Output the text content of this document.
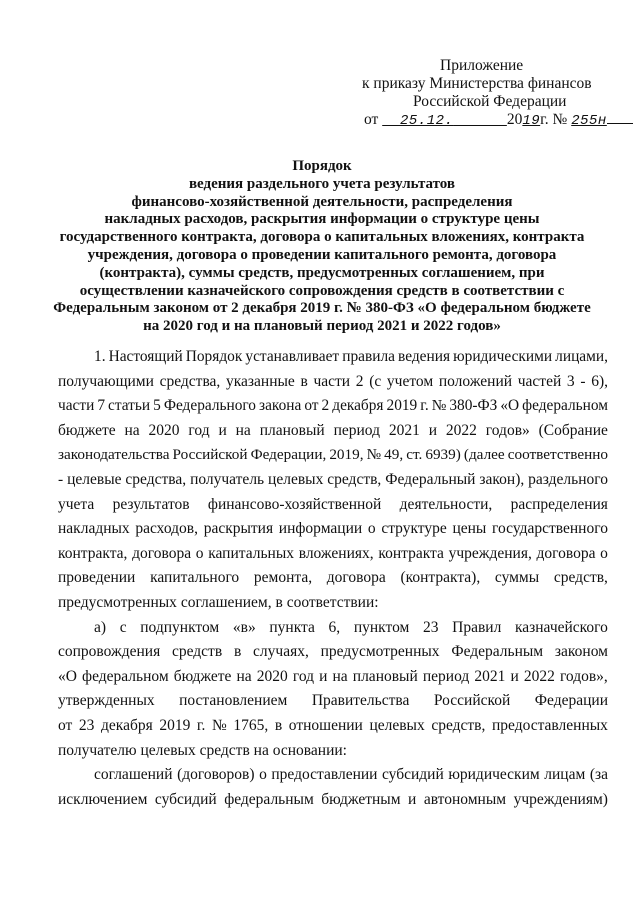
Приложение
к приказу Министерства финансов
Российской Федерации
от 25.12.	2019г. № 255н
Порядок
ведения раздельного учета результатов
финансово-хозяйственной деятельности, распределения
накладных расходов, раскрытия информации о структуре цены
государственного контракта, договора о капитальных вложениях, контракта
учреждения, договора о проведении капитального ремонта, договора
(контракта), суммы средств, предусмотренных соглашением, при
осуществлении казначейского сопровождения средств в соответствии с
Федеральным законом от 2 декабря 2019 г. № 380-ФЗ «О федеральном бюджете
на 2020 год и на плановый период 2021 и 2022 годов»
1. Настоящий Порядок устанавливает правила ведения юридическими лицами,
получающими средства, указанные в части 2 (с учетом положений частей 3 - 6),
части 7 статьи 5 Федерального закона от 2 декабря 2019 г. № 380-ФЗ «О федеральном
бюджете на 2020 год и на плановый период 2021 и 2022 годов» (Собрание
законодательства Российской Федерации, 2019, № 49, ст. 6939) (далее соответственно
- целевые средства, получатель целевых средств, Федеральный закон), раздельного
учета результатов финансово-хозяйственной деятельности, распределения
накладных расходов, раскрытия информации о структуре цены государственного
контракта, договора о капитальных вложениях, контракта учреждения, договора о
проведении капитального ремонта, договора (контракта), суммы средств,
предусмотренных соглашением, в соответствии:
а) с подпунктом «в» пункта 6, пунктом 23 Правил казначейского
сопровождения средств в случаях, предусмотренных Федеральным законом
«О федеральном бюджете на 2020 год и на плановый период 2021 и 2022 годов»,
утвержденных постановлением Правительства Российской Федерации
от 23 декабря 2019 г. № 1765, в отношении целевых средств, предоставленных
получателю целевых средств на основании:
соглашений (договоров) о предоставлении субсидий юридическим лицам (за
исключением субсидий федеральным бюджетным и автономным учреждениям)
